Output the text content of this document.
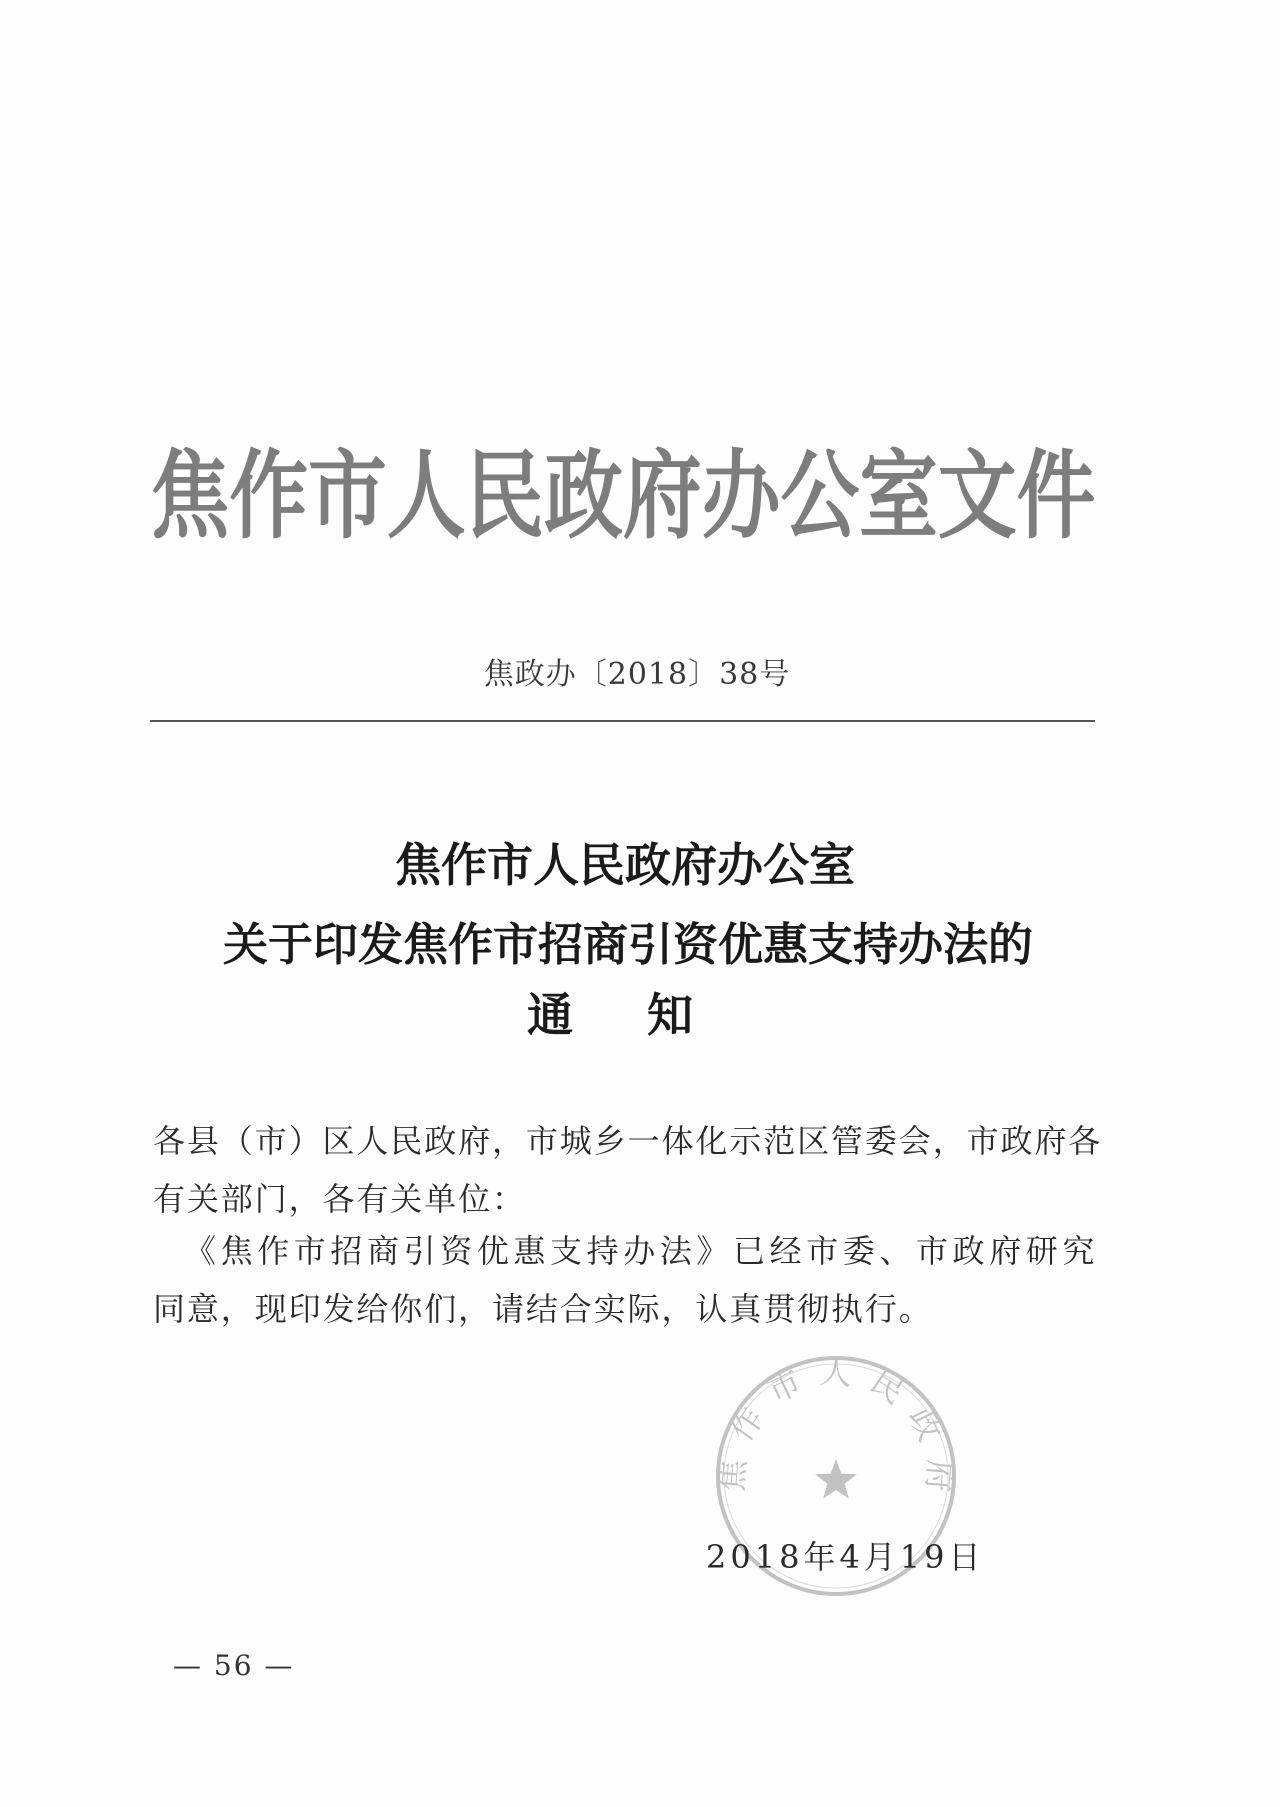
焦作市人民政府办公室文件
焦政办〔2018〕38号
焦作市人民政府办公室
关于印发焦作市招商引资优惠支持办法的
通　知
各县（市）区人民政府，市城乡一体化示范区管委会，市政府各
有关部门，各有关单位：
《焦作市招商引资优惠支持办法》已经市委、市政府研究
同意，现印发给你们，请结合实际，认真贯彻执行。
焦作市人民政府
2018年4月19日
— 56 —
